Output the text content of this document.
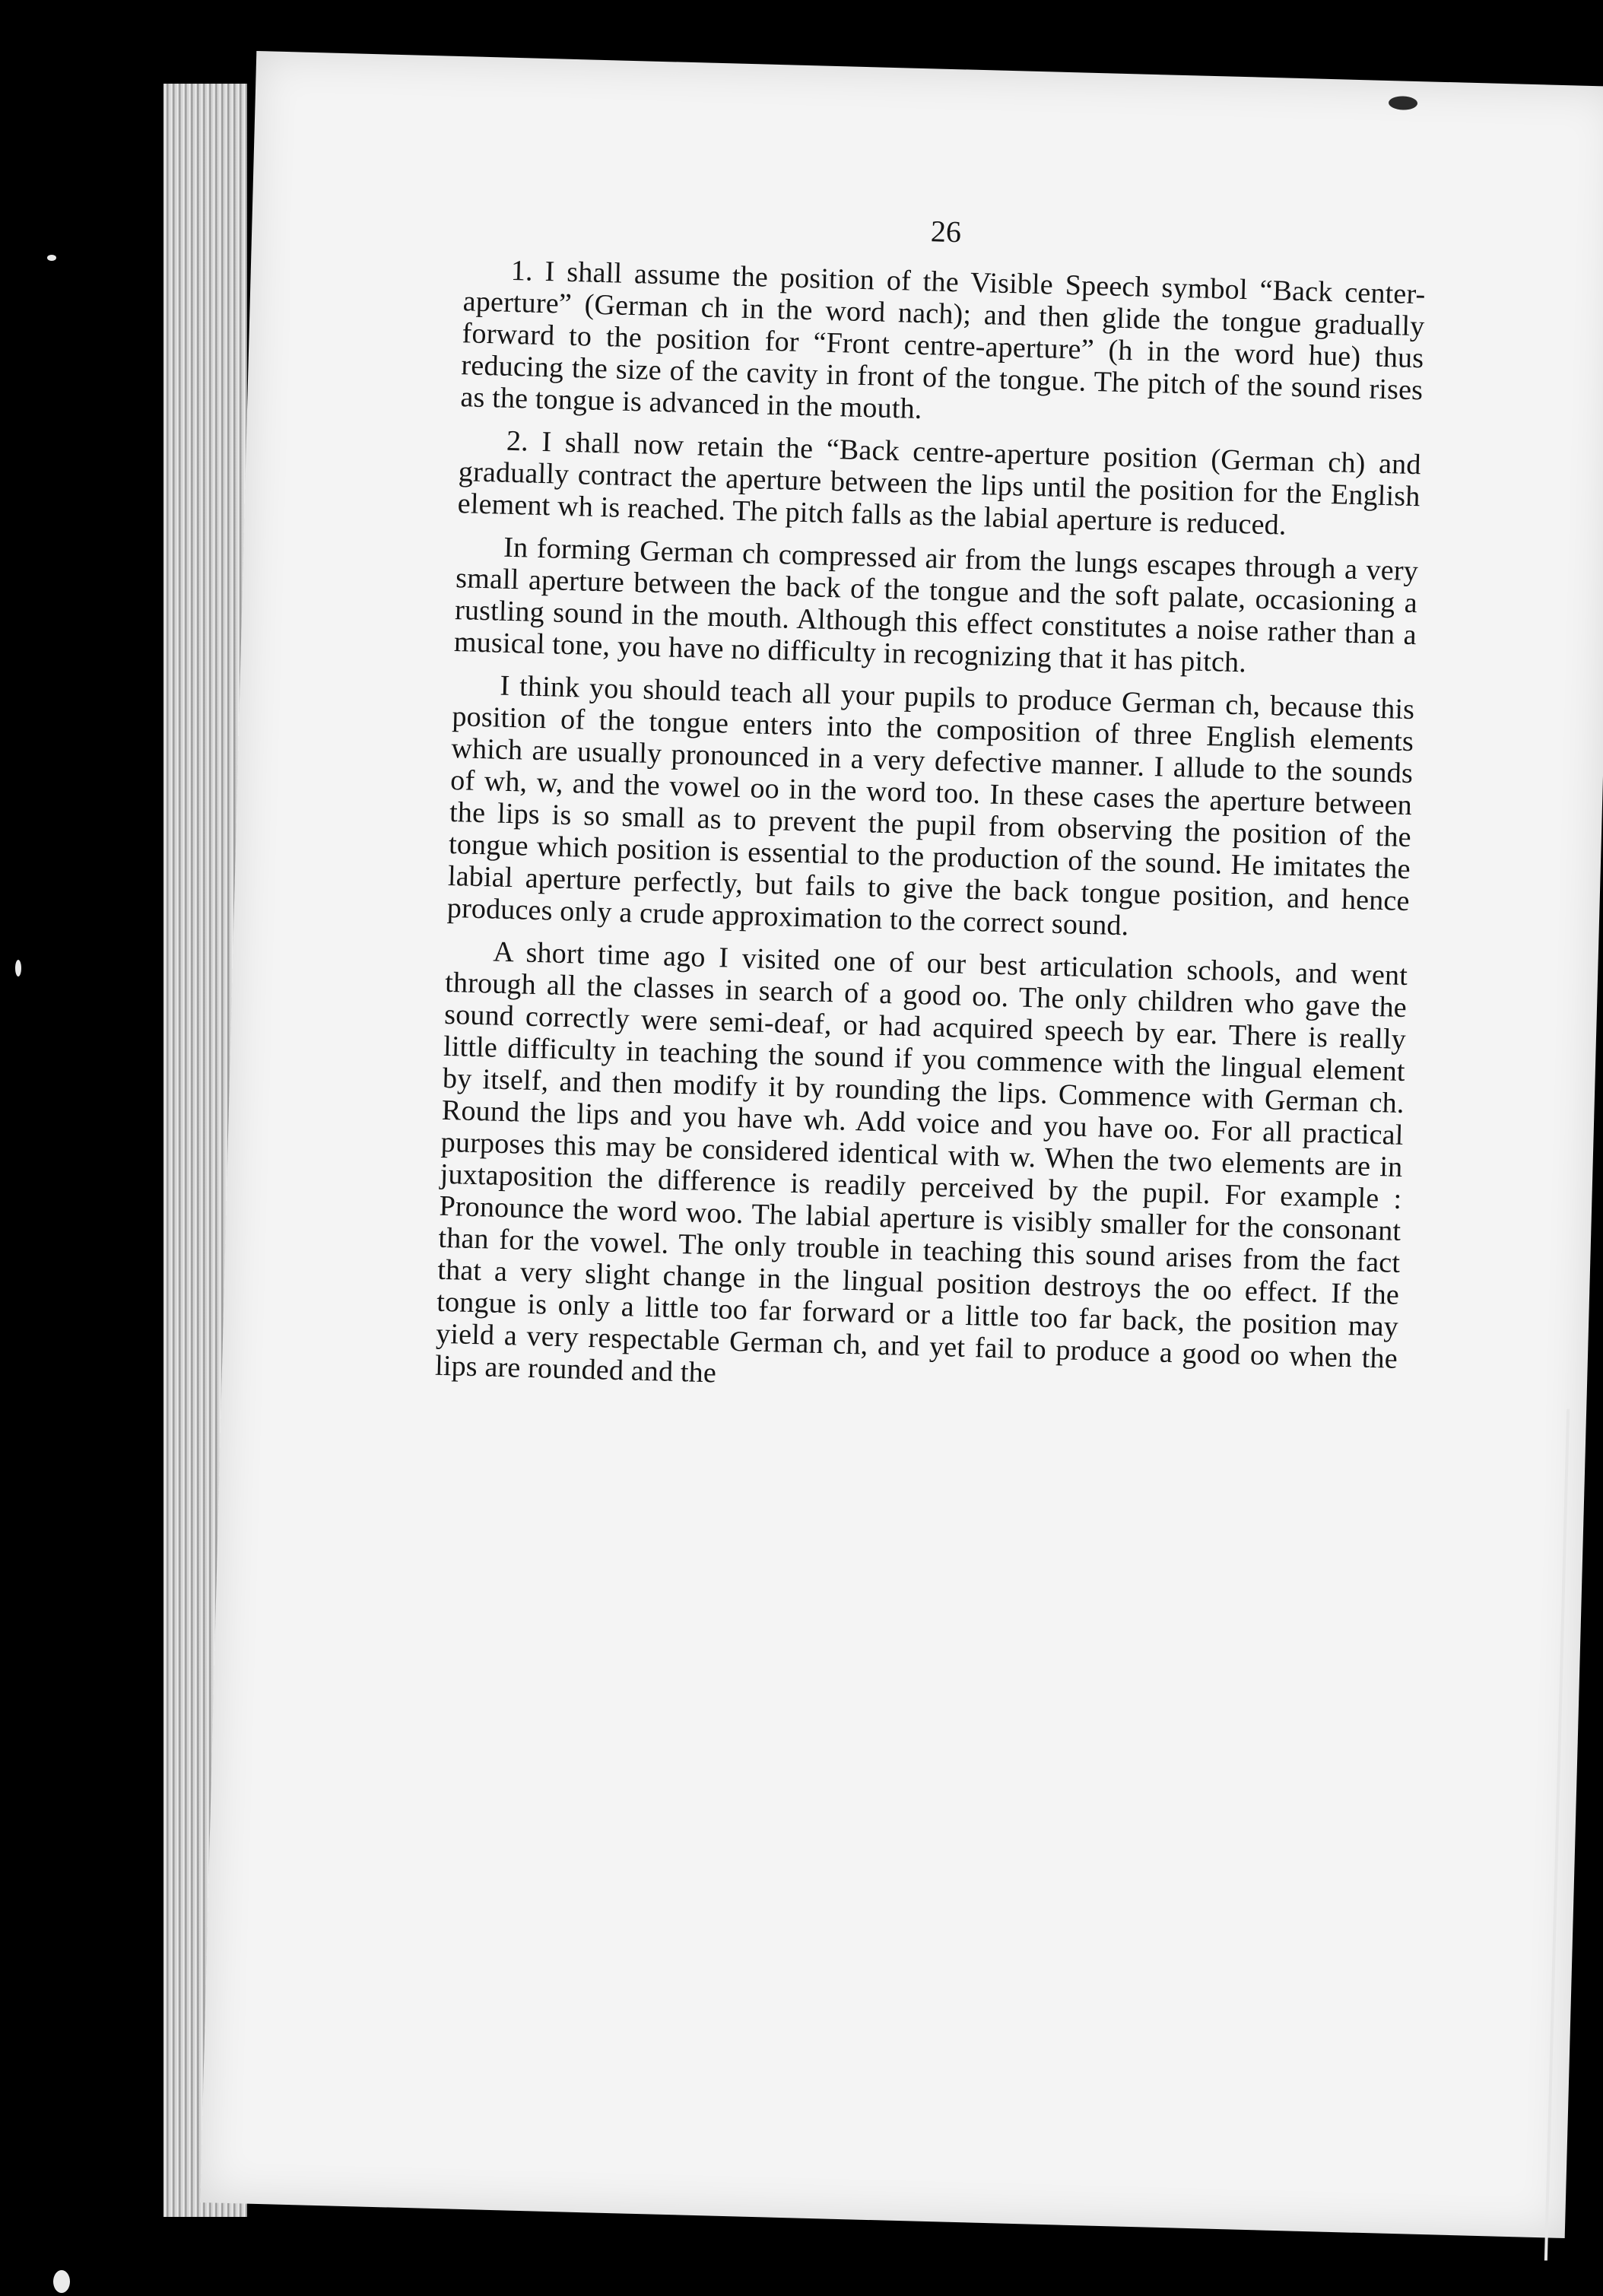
26

1. I shall assume the position of the Visible Speech symbol “Back center-aperture” (German ch in the word nach); and then glide the tongue gradually forward to the position for “Front centre-aperture” (h in the word hue) thus reducing the size of the cavity in front of the tongue. The pitch of the sound rises as the tongue is advanced in the mouth.

2. I shall now retain the “Back centre-aperture position (German ch) and gradually contract the aperture between the lips until the position for the English element wh is reached. The pitch falls as the labial aperture is reduced.

In forming German ch compressed air from the lungs escapes through a very small aperture between the back of the tongue and the soft palate, occasioning a rustling sound in the mouth. Although this effect constitutes a noise rather than a musical tone, you have no difficulty in recognizing that it has pitch.

I think you should teach all your pupils to produce German ch, because this position of the tongue enters into the composition of three English elements which are usually pronounced in a very defective manner. I allude to the sounds of wh, w, and the vowel oo in the word too. In these cases the aperture between the lips is so small as to prevent the pupil from observing the position of the tongue which position is essential to the production of the sound. He imitates the labial aperture perfectly, but fails to give the back tongue position, and hence produces only a crude approximation to the correct sound.

A short time ago I visited one of our best articulation schools, and went through all the classes in search of a good oo. The only children who gave the sound correctly were semi-deaf, or had acquired speech by ear. There is really little difficulty in teaching the sound if you commence with the lingual element by itself, and then modify it by rounding the lips. Commence with German ch. Round the lips and you have wh. Add voice and you have oo. For all practical purposes this may be considered identical with w. When the two elements are in juxtaposition the difference is readily perceived by the pupil. For example : Pronounce the word woo. The labial aperture is visibly smaller for the consonant than for the vowel. The only trouble in teaching this sound arises from the fact that a very slight change in the lingual position destroys the oo effect. If the tongue is only a little too far forward or a little too far back, the position may yield a very respectable German ch, and yet fail to produce a good oo when the lips are rounded and the
